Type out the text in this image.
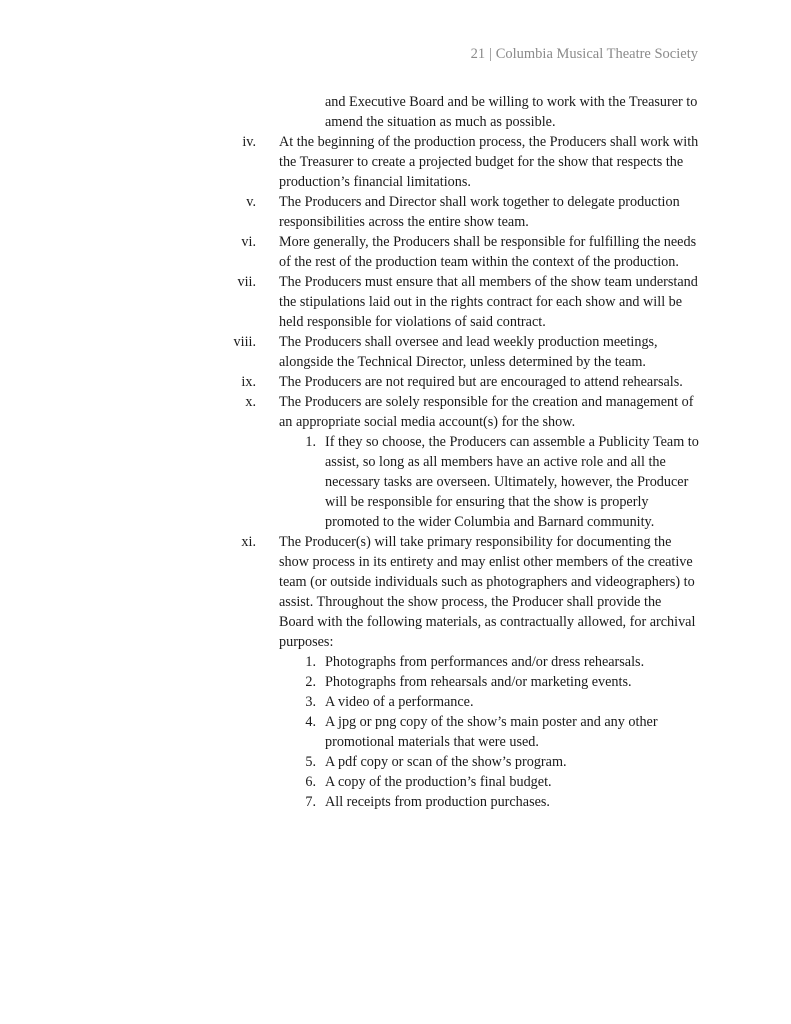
21 | Columbia Musical Theatre Society

and Executive Board and be willing to work with the Treasurer to amend the situation as much as possible.

iv. At the beginning of the production process, the Producers shall work with the Treasurer to create a projected budget for the show that respects the production’s financial limitations.

v. The Producers and Director shall work together to delegate production responsibilities across the entire show team.

vi. More generally, the Producers shall be responsible for fulfilling the needs of the rest of the production team within the context of the production.

vii. The Producers must ensure that all members of the show team understand the stipulations laid out in the rights contract for each show and will be held responsible for violations of said contract.

viii. The Producers shall oversee and lead weekly production meetings, alongside the Technical Director, unless determined by the team.

ix. The Producers are not required but are encouraged to attend rehearsals.

x. The Producers are solely responsible for the creation and management of an appropriate social media account(s) for the show.

1. If they so choose, the Producers can assemble a Publicity Team to assist, so long as all members have an active role and all the necessary tasks are overseen. Ultimately, however, the Producer will be responsible for ensuring that the show is properly promoted to the wider Columbia and Barnard community.

xi. The Producer(s) will take primary responsibility for documenting the show process in its entirety and may enlist other members of the creative team (or outside individuals such as photographers and videographers) to assist. Throughout the show process, the Producer shall provide the Board with the following materials, as contractually allowed, for archival purposes:

1. Photographs from performances and/or dress rehearsals.

2. Photographs from rehearsals and/or marketing events.

3. A video of a performance.

4. A jpg or png copy of the show’s main poster and any other promotional materials that were used.

5. A pdf copy or scan of the show’s program.

6. A copy of the production’s final budget.

7. All receipts from production purchases.
